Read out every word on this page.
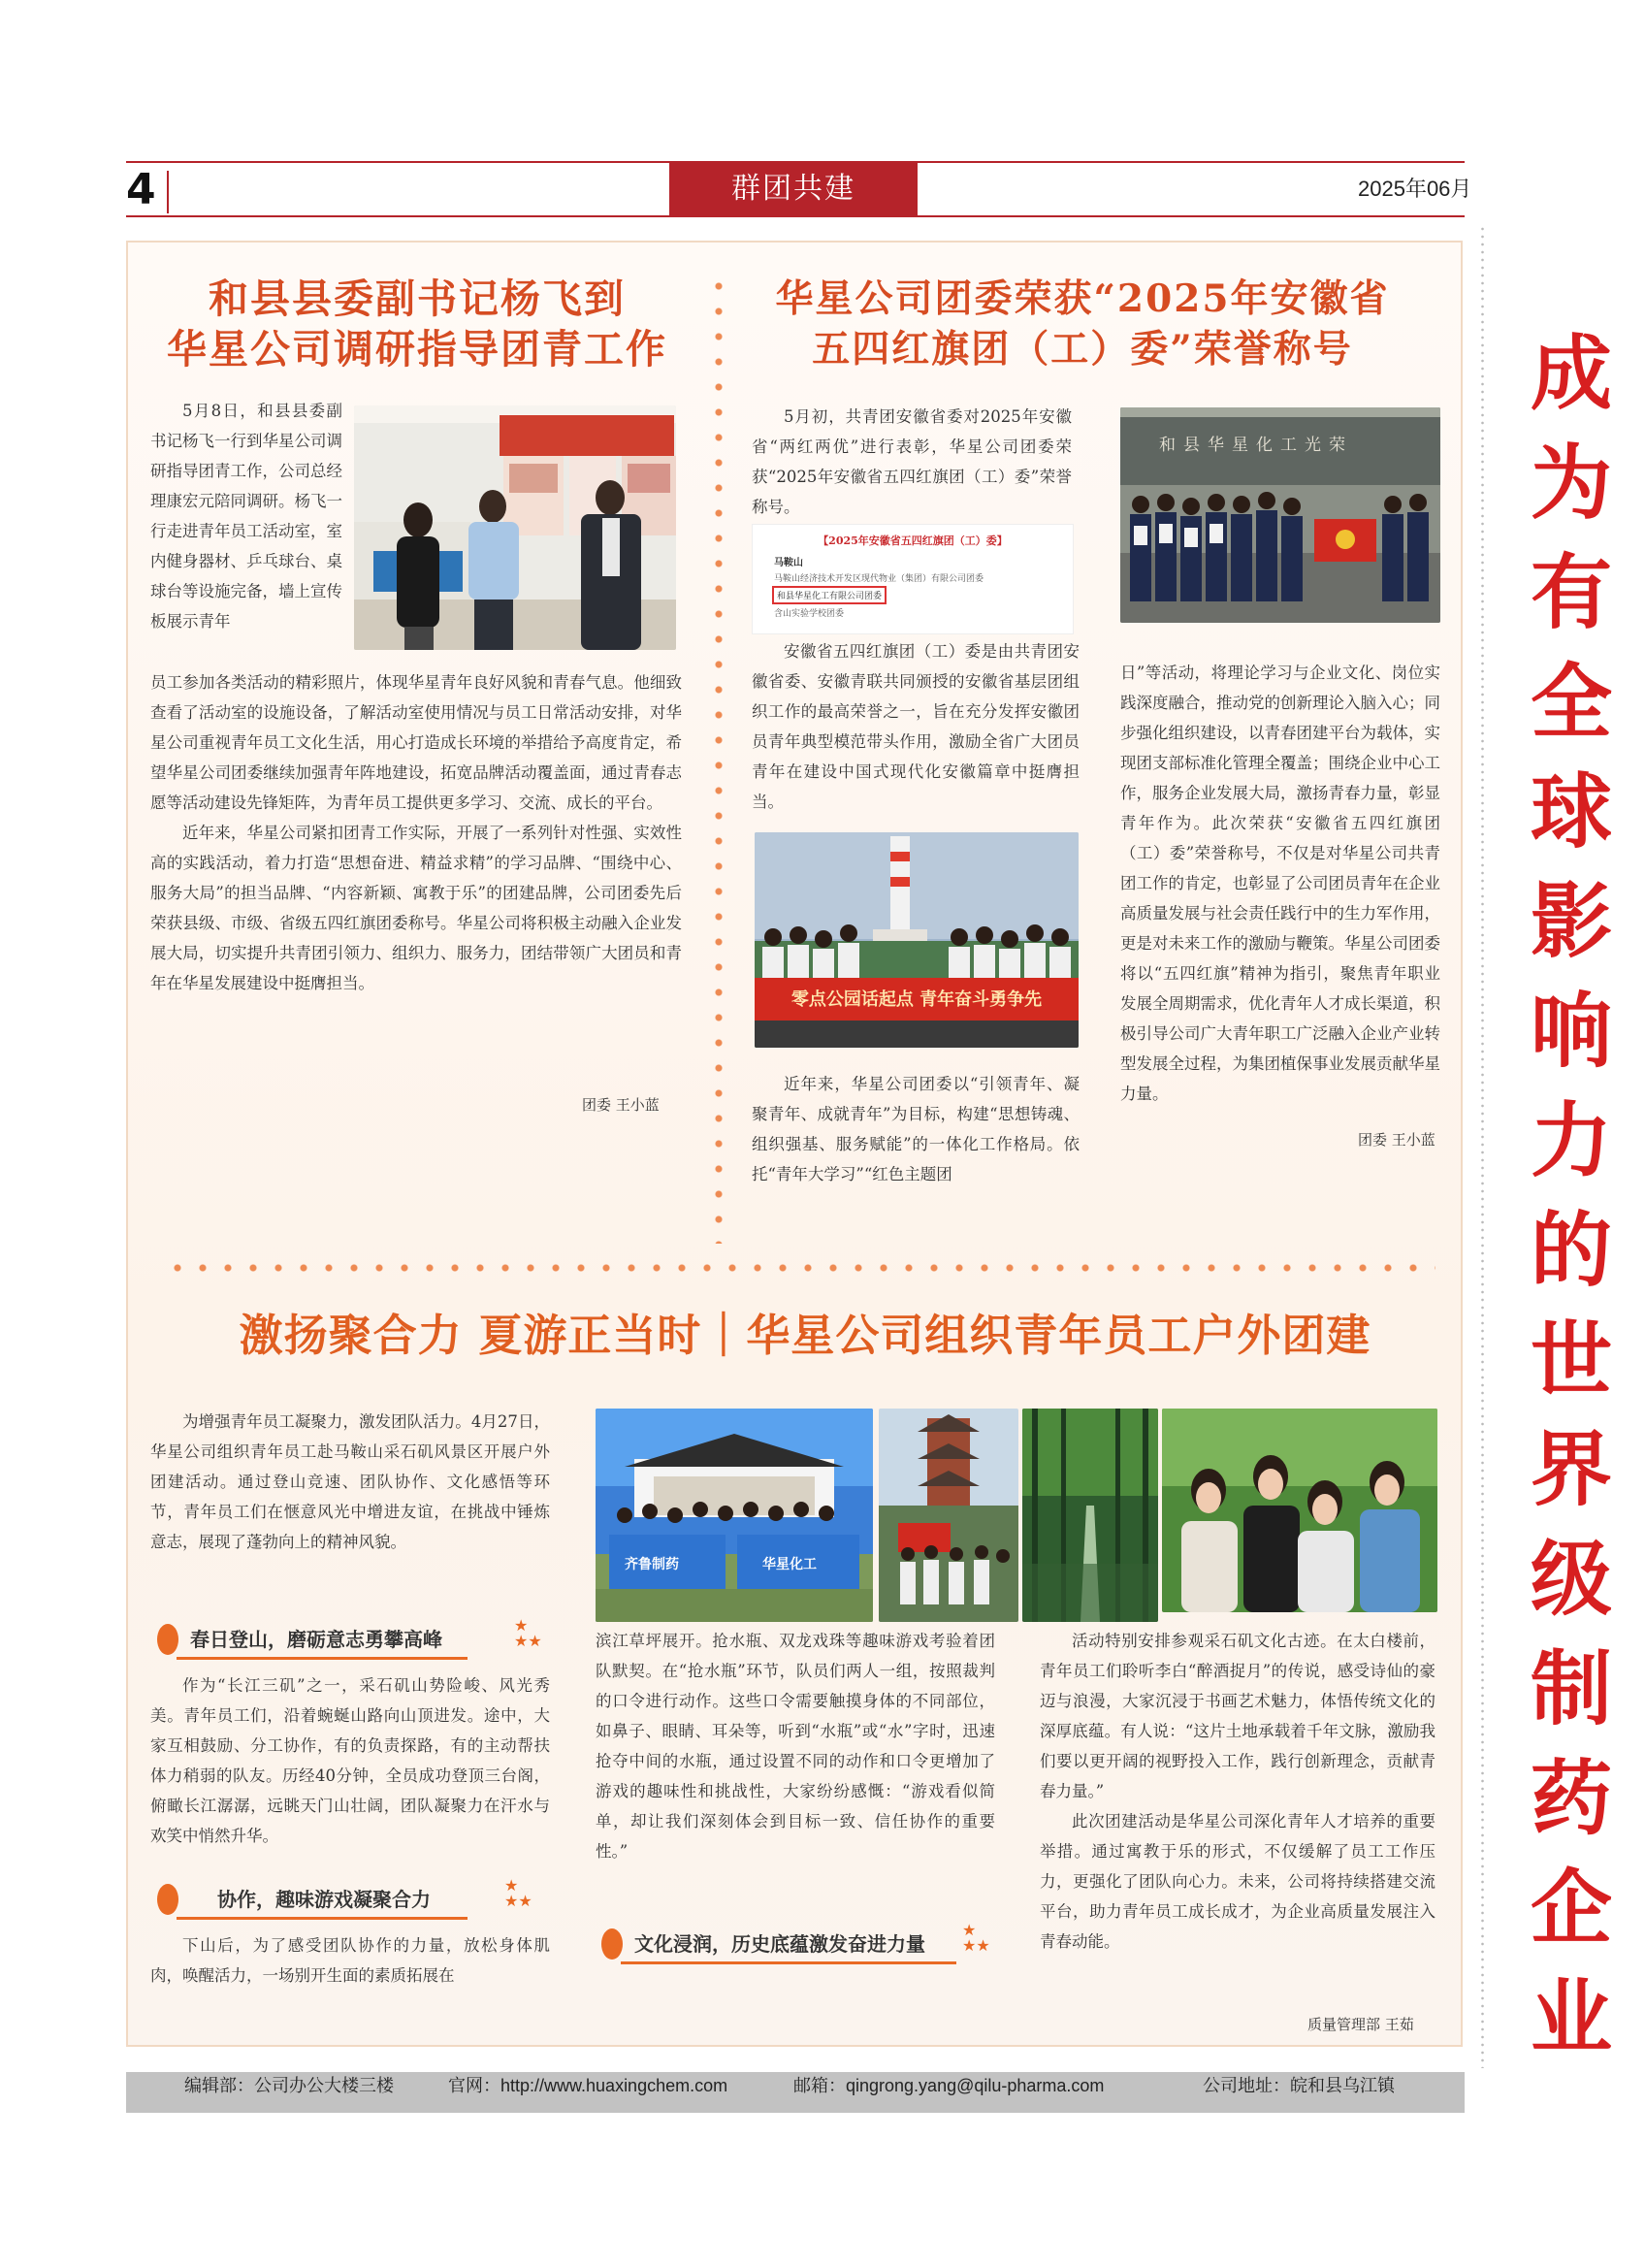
4	群团共建	2025年06月
成为有全球影响力的世界级制药企业
和县县委副书记杨飞到
华星公司调研指导团青工作

5月8日，和县县委副书记杨飞一行到华星公司调研指导团青工作，公司总经理康宏元陪同调研。杨飞一行走进青年员工活动室，室内健身器材、乒乓球台、桌球台等设施完备，墙上宣传板展示青年

员工参加各类活动的精彩照片，体现华星青年良好风貌和青春气息。他细致查看了活动室的设施设备，了解活动室使用情况与员工日常活动安排，对华星公司重视青年员工文化生活，用心打造成长环境的举措给予高度肯定，希望华星公司团委继续加强青年阵地建设，拓宽品牌活动覆盖面，通过青春志愿等活动建设先锋矩阵，为青年员工提供更多学习、交流、成长的平台。

近年来，华星公司紧扣团青工作实际，开展了一系列针对性强、实效性高的实践活动，着力打造“思想奋进、精益求精”的学习品牌、“围绕中心、服务大局”的担当品牌、“内容新颖、寓教于乐”的团建品牌，公司团委先后荣获县级、市级、省级五四红旗团委称号。华星公司将积极主动融入企业发展大局，切实提升共青团引领力、组织力、服务力，团结带领广大团员和青年在华星发展建设中挺膺担当。

团委 王小蓝
华星公司团委荣获“2025年安徽省
五四红旗团（工）委”荣誉称号

5月初，共青团安徽省委对2025年安徽省“两红两优”进行表彰，华星公司团委荣获“2025年安徽省五四红旗团（工）委”荣誉称号。

【2025年安徽省五四红旗团（工）委】
马鞍山
马鞍山经济技术开发区现代物业（集团）有限公司团委
和县华星化工有限公司团委
含山实验学校团委
和县华星化工光荣

安徽省五四红旗团（工）委是由共青团安徽省委、安徽青联共同颁授的安徽省基层团组织工作的最高荣誉之一，旨在充分发挥安徽团员青年典型模范带头作用，激励全省广大团员青年在建设中国式现代化安徽篇章中挺膺担当。

零点公园话起点 青年奋斗勇争先

近年来，华星公司团委以“引领青年、凝聚青年、成就青年”为目标，构建“思想铸魂、组织强基、服务赋能”的一体化工作格局。依托“青年大学习”“红色主题团

日”等活动，将理论学习与企业文化、岗位实践深度融合，推动党的创新理论入脑入心；同步强化组织建设，以青春团建平台为载体，实现团支部标准化管理全覆盖；围绕企业中心工作，服务企业发展大局，激扬青春力量，彰显青年作为。此次荣获“安徽省五四红旗团（工）委”荣誉称号，不仅是对华星公司共青团工作的肯定，也彰显了公司团员青年在企业高质量发展与社会责任践行中的生力军作用，更是对未来工作的激励与鞭策。华星公司团委将以“五四红旗”精神为指引，聚焦青年职业发展全周期需求，优化青年人才成长渠道，积极引导公司广大青年职工广泛融入企业产业转型发展全过程，为集团植保事业发展贡献华星力量。

团委 王小蓝
激扬聚合力 夏游正当时｜华星公司组织青年员工户外团建

为增强青年员工凝聚力，激发团队活力。4月27日，华星公司组织青年员工赴马鞍山采石矶风景区开展户外团建活动。通过登山竞速、团队协作、文化感悟等环节，青年员工们在惬意风光中增进友谊，在挑战中锤炼意志，展现了蓬勃向上的精神风貌。

春日登山，磨砺意志勇攀高峰
★
★★

作为“长江三矶”之一，采石矶山势险峻、风光秀美。青年员工们，沿着蜿蜒山路向山顶进发。途中，大家互相鼓励、分工协作，有的负责探路，有的主动帮扶体力稍弱的队友。历经40分钟，全员成功登顶三台阁，俯瞰长江潺潺，远眺天门山壮阔，团队凝聚力在汗水与欢笑中悄然升华。

协作，趣味游戏凝聚合力
★
★★

下山后，为了感受团队协作的力量，放松身体肌肉，唤醒活力，一场别开生面的素质拓展在

齐鲁制药	华星化工

滨江草坪展开。抢水瓶、双龙戏珠等趣味游戏考验着团队默契。在“抢水瓶”环节，队员们两人一组，按照裁判的口令进行动作。这些口令需要触摸身体的不同部位，如鼻子、眼睛、耳朵等，听到“水瓶”或“水”字时，迅速抢夺中间的水瓶，通过设置不同的动作和口令更增加了游戏的趣味性和挑战性，大家纷纷感慨：“游戏看似简单，却让我们深刻体会到目标一致、信任协作的重要性。”

文化浸润，历史底蕴激发奋进力量
★
★★

活动特别安排参观采石矶文化古迹。在太白楼前，青年员工们聆听李白“醉酒捉月”的传说，感受诗仙的豪迈与浪漫，大家沉浸于书画艺术魅力，体悟传统文化的深厚底蕴。有人说：“这片土地承载着千年文脉，激励我们要以更开阔的视野投入工作，践行创新理念，贡献青春力量。”

此次团建活动是华星公司深化青年人才培养的重要举措。通过寓教于乐的形式，不仅缓解了员工工作压力，更强化了团队向心力。未来，公司将持续搭建交流平台，助力青年员工成长成才，为企业高质量发展注入青春动能。

质量管理部 王茹
编辑部：公司办公大楼三楼	官网：http://www.huaxingchem.com	邮箱：qingrong.yang@qilu-pharma.com	公司地址：皖和县乌江镇
